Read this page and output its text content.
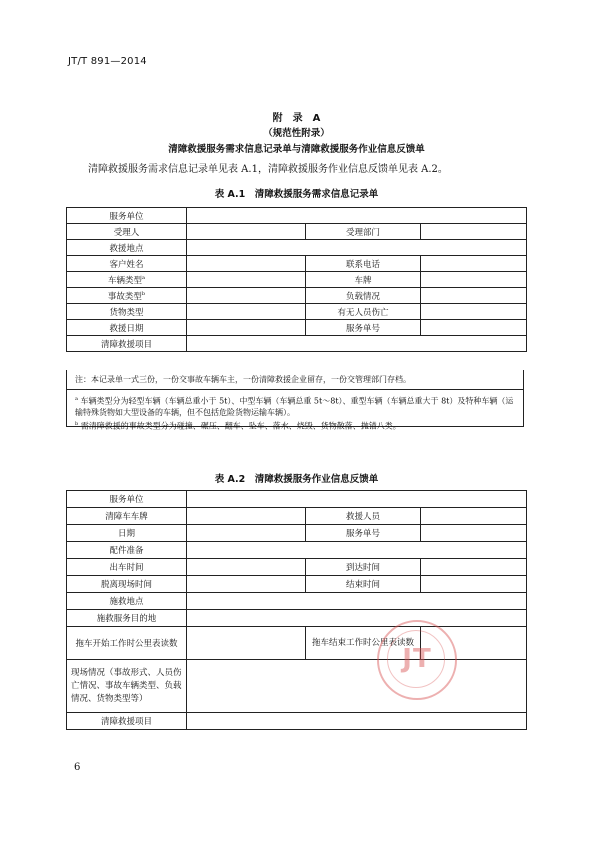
JT/T 891—2014
附　录　A
（规范性附录）
清障救援服务需求信息记录单与清障救援服务作业信息反馈单
清障救援服务需求信息记录单见表 A.1，清障救援服务作业信息反馈单见表 A.2。
表 A.1　清障救援服务需求信息记录单
服务单位			
受理人		受理部门	
救援地点			
客户姓名		联系电话	
车辆类型$^a$		车牌	
事故类型$^b$		负载情况	
货物类型		有无人员伤亡	
救援日期		服务单号	
清障救援项目			
注：本记录单一式三份，一份交事故车辆车主，一份清障救援企业留存，一份交管理部门存档。
$^a$ 车辆类型分为轻型车辆（车辆总重小于 5t）、中型车辆（车辆总重 5t～8t）、重型车辆（车辆总重大于 8t）及特种车辆（运输特殊货物如大型设备的车辆，但不包括危险货物运输车辆）。
$^b$ 需清障救援的事故类型分为碰撞、碾压、翻车、坠车、落水、烧毁、货物散落、抛锚八类。
表 A.2　清障救援服务作业信息反馈单
服务单位			
清障车车牌		救援人员	
日期		服务单号	
配件准备			
出车时间		到达时间	
脱离现场时间		结束时间	
施救地点			
施救服务目的地			
拖车开始工作时公里表读数		拖车结束工作时公里表读数	
现场情况（事故形式、人员伤亡情况、事故车辆类型、负载情况、货物类型等）			
清障救援项目			
JT
6
